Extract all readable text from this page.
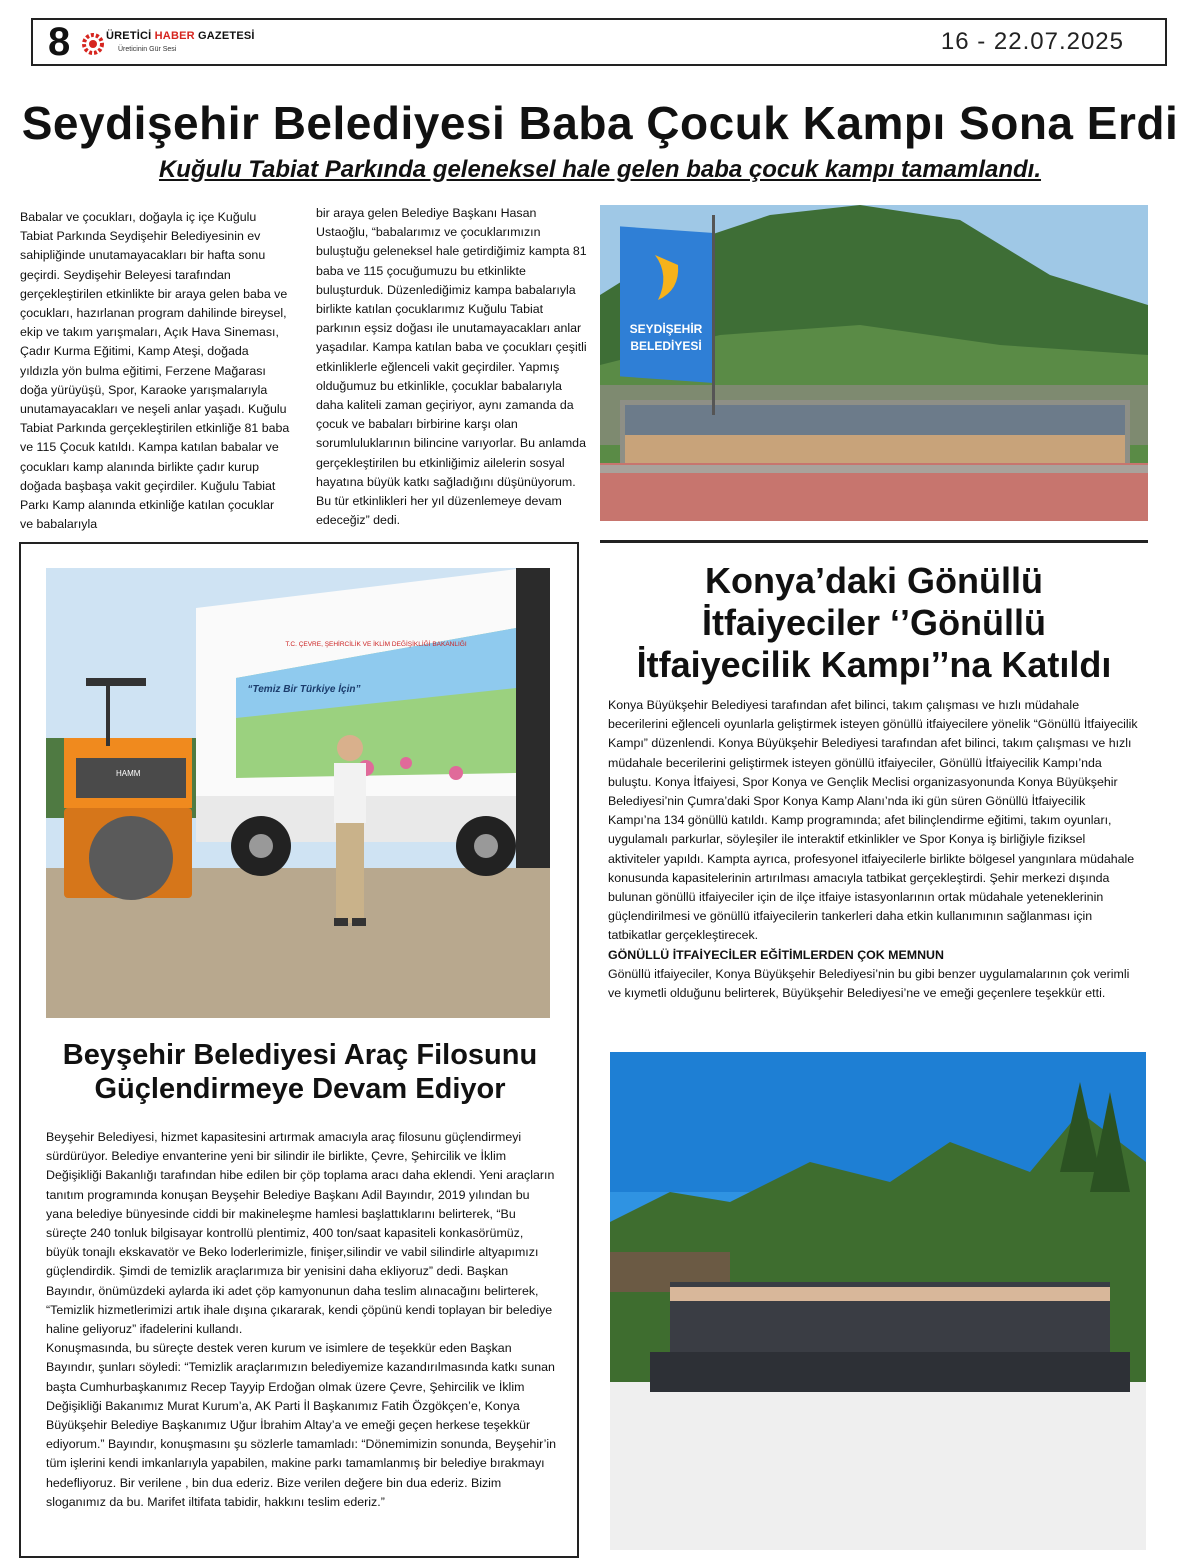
8	ÜRETİCİ HABER GAZETESİ
Üreticinin Gür Sesi	16 - 22.07.2025
Seydişehir Belediyesi Baba Çocuk Kampı Sona Erdi
Kuğulu Tabiat Parkında geleneksel hale gelen baba çocuk kampı tamamlandı.
Babalar ve çocukları, doğayla iç içe Kuğulu Tabiat Parkında Seydişehir Belediyesinin ev sahipliğinde unutamayacakları bir hafta sonu geçirdi. Seydişehir Beleyesi tarafından gerçekleştirilen etkinlikte bir araya gelen baba ve çocukları, hazırlanan program dahilinde bireysel, ekip ve takım yarışmaları, Açık Hava Sineması, Çadır Kurma Eğitimi, Kamp Ateşi, doğada yıldızla yön bulma eğitimi, Ferzene Mağarası doğa yürüyüşü, Spor, Karaoke yarışmalarıyla unutamayacakları ve neşeli anlar yaşadı. Kuğulu Tabiat Parkında gerçekleştirilen etkinliğe 81 baba ve 115 Çocuk katıldı. Kampa katılan babalar ve çocukları kamp alanında birlikte çadır kurup doğada başbaşa vakit geçirdiler. Kuğulu Tabiat Parkı Kamp alanında etkinliğe katılan çocuklar ve babalarıyla
bir araya gelen Belediye Başkanı Hasan Ustaoğlu, “babalarımız ve çocuklarımızın buluştuğu geleneksel hale getirdiğimiz kampta 81 baba ve 115 çocuğumuzu bu etkinlikte buluşturduk. Düzenlediğimiz kampa babalarıyla birlikte katılan çocuklarımız Kuğulu Tabiat parkının eşsiz doğası ile unutamayacakları anlar yaşadılar. Kampa katılan baba ve çocukları çeşitli etkinliklerle eğlenceli vakit geçirdiler. Yapmış olduğumuz bu etkinlikle, çocuklar babalarıyla daha kaliteli zaman geçiriyor, aynı zamanda da çocuk ve babaları birbirine karşı olan sorumluluklarının bilincine varıyorlar. Bu anlamda gerçekleştirilen bu etkinliğimiz ailelerin sosyal hayatına büyük katkı sağladığını düşünüyorum. Bu tür etkinlikleri her yıl düzenlemeye devam edeceğiz” dedi.
SEYDİŞEHİR
BELEDİYESİ
T.C. ÇEVRE, ŞEHİRCİLİK VE İKLİM DEĞİŞİKLİĞİ BAKANLIĞI
“Temiz Bir Türkiye İçin”
HAMM
Beyşehir Belediyesi Araç Filosunu
Güçlendirmeye Devam Ediyor
Beyşehir Belediyesi, hizmet kapasitesini artırmak amacıyla araç filosunu güçlendirmeyi sürdürüyor. Belediye envanterine yeni bir silindir ile birlikte, Çevre, Şehircilik ve İklim Değişikliği Bakanlığı tarafından hibe edilen bir çöp toplama aracı daha eklendi. Yeni araçların tanıtım programında konuşan Beyşehir Belediye Başkanı Adil Bayındır, 2019 yılından bu yana belediye bünyesinde ciddi bir makineleşme hamlesi başlattıklarını belirterek, “Bu süreçte 240 tonluk bilgisayar kontrollü plentimiz, 400 ton/saat kapasiteli konkasörümüz, büyük tonajlı ekskavatör ve Beko loderlerimizle, finişer,silindir ve vabil silindirle altyapımızı güçlendirdik. Şimdi de temizlik araçlarımıza bir yenisini daha ekliyoruz” dedi. Başkan Bayındır, önümüzdeki aylarda iki adet çöp kamyonunun daha teslim alınacağını belirterek, “Temizlik hizmetlerimizi artık ihale dışına çıkararak, kendi çöpünü kendi toplayan bir belediye haline geliyoruz” ifadelerini kullandı.
Konuşmasında, bu süreçte destek veren kurum ve isimlere de teşekkür eden Başkan Bayındır, şunları söyledi: “Temizlik araçlarımızın belediyemize kazandırılmasında katkı sunan başta Cumhurbaşkanımız Recep Tayyip Erdoğan olmak üzere Çevre, Şehircilik ve İklim Değişikliği Bakanımız Murat Kurum’a, AK Parti İl Başkanımız Fatih Özgökçen’e, Konya Büyükşehir Belediye Başkanımız Uğur İbrahim Altay’a ve emeği geçen herkese teşekkür ediyorum.” Bayındır, konuşmasını şu sözlerle tamamladı: “Dönemimizin sonunda, Beyşehir’in tüm işlerini kendi imkanlarıyla yapabilen, makine parkı tamamlanmış bir belediye bırakmayı hedefliyoruz. Bir verilene , bin dua ederiz. Bize verilen değere bin dua ederiz. Bizim sloganımız da bu. Marifet iltifata tabidir, hakkını teslim ederiz.”
Konya’daki Gönüllü
İtfaiyeciler ‘’Gönüllü
İtfaiyecilik Kampı’’na Katıldı
Konya Büyükşehir Belediyesi tarafından afet bilinci, takım çalışması ve hızlı müdahale becerilerini eğlenceli oyunlarla geliştirmek isteyen gönüllü itfaiyecilere yönelik “Gönüllü İtfaiyecilik Kampı” düzenlendi. Konya Büyükşehir Belediyesi tarafından afet bilinci, takım çalışması ve hızlı müdahale becerilerini geliştirmek isteyen gönüllü itfaiyeciler, Gönüllü İtfaiyecilik Kampı’nda buluştu. Konya İtfaiyesi, Spor Konya ve Gençlik Meclisi organizasyonunda Konya Büyükşehir Belediyesi’nin Çumra’daki Spor Konya Kamp Alanı’nda iki gün süren Gönüllü İtfaiyecilik Kampı’na 134 gönüllü katıldı. Kamp programında; afet bilinçlendirme eğitimi, takım oyunları, uygulamalı parkurlar, söyleşiler ile interaktif etkinlikler ve Spor Konya iş birliğiyle fiziksel aktiviteler yapıldı. Kampta ayrıca, profesyonel itfaiyecilerle birlikte bölgesel yangınlara müdahale konusunda kapasitelerinin artırılması amacıyla tatbikat gerçekleştirdi. Şehir merkezi dışında bulunan gönüllü itfaiyeciler için de ilçe itfaiye istasyonlarının ortak müdahale yeteneklerinin güçlendirilmesi ve gönüllü itfaiyecilerin tankerleri daha etkin kullanımının sağlanması için tatbikatlar gerçekleştirecek.
GÖNÜLLÜ İTFAİYECİLER EĞİTİMLERDEN ÇOK MEMNUN
Gönüllü itfaiyeciler, Konya Büyükşehir Belediyesi’nin bu gibi benzer uygulamalarının çok verimli ve kıymetli olduğunu belirterek, Büyükşehir Belediyesi’ne ve emeği geçenlere teşekkür etti.
